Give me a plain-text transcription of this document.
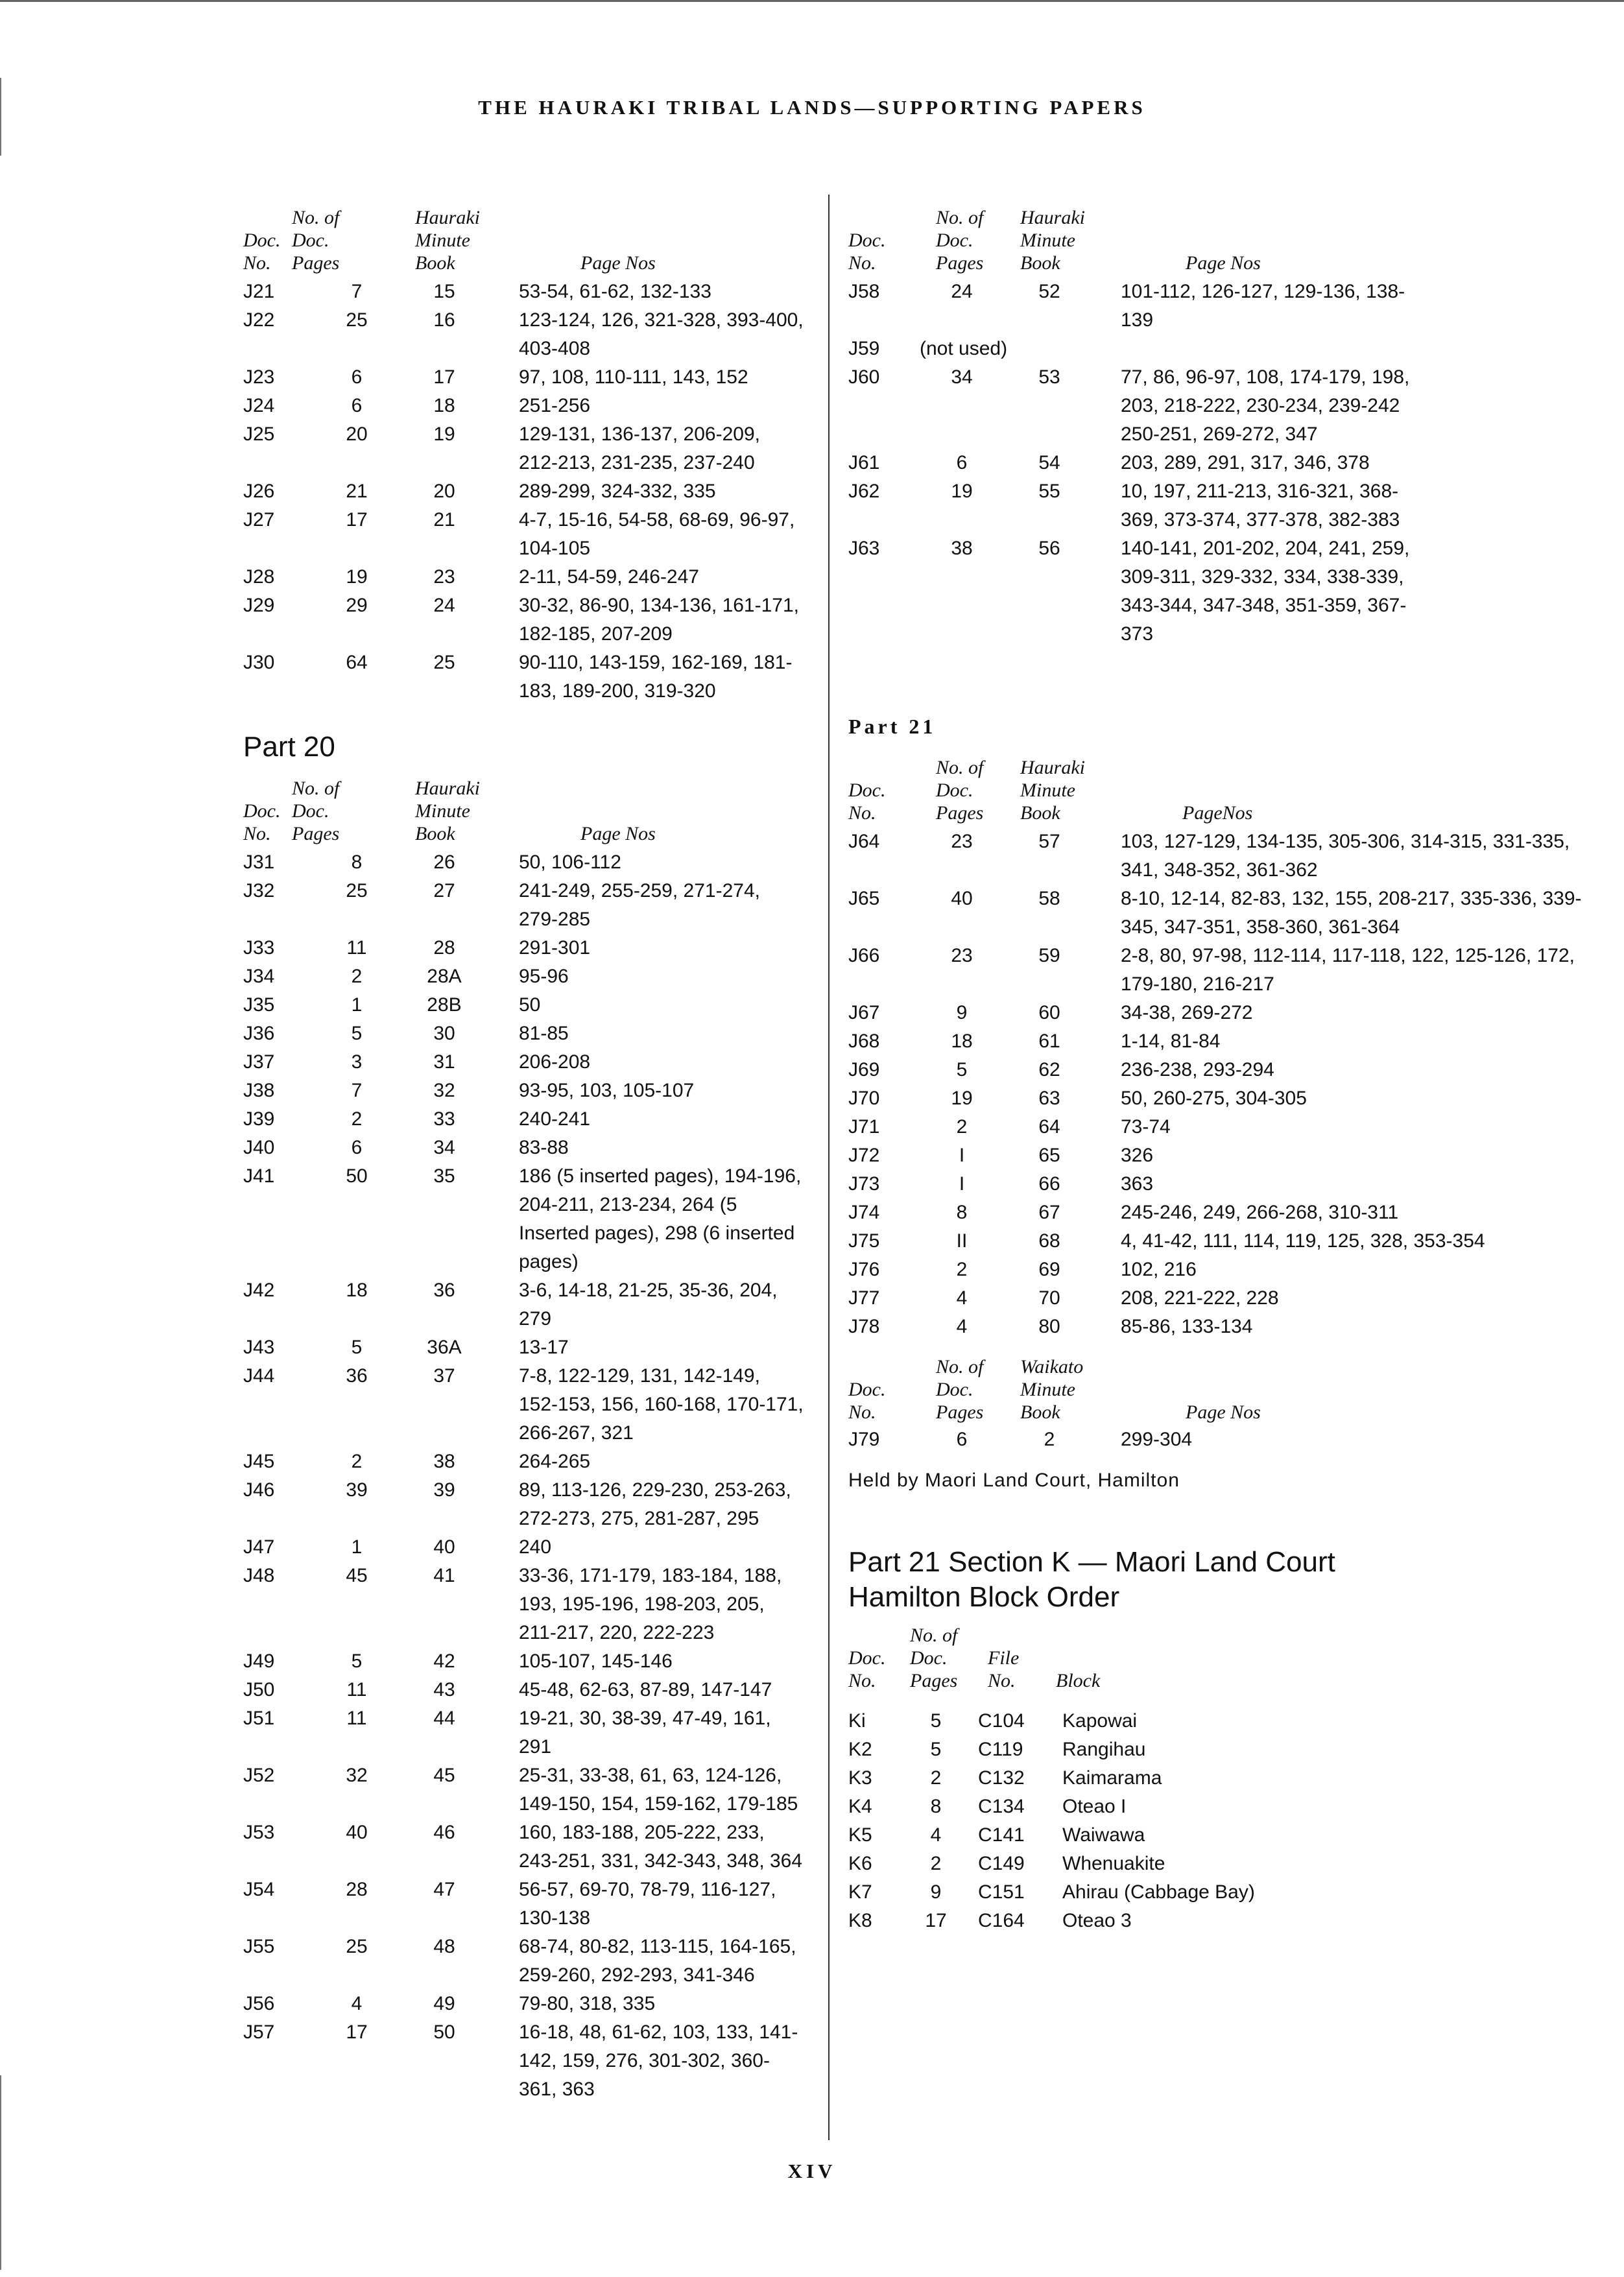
THE HAURAKI TRIBAL LANDS—SUPPORTING PAPERS
Doc.
No.
No. of
Doc.
Pages
Hauraki
Minute
Book	Page Nos
J21	7	15	53-54, 61-62, 132-133
J22	25	16	123-124, 126, 321-328, 393-400, 403-408
J23	6	17	97, 108, 110-111, 143, 152
J24	6	18	251-256
J25	20	19	129-131, 136-137, 206-209, 212-213, 231-235, 237-240
J26	21	20	289-299, 324-332, 335
J27	17	21	4-7, 15-16, 54-58, 68-69, 96-97, 104-105
J28	19	23	2-11, 54-59, 246-247
J29	29	24	30-32, 86-90, 134-136, 161-171, 182-185, 207-209
J30	64	25	90-110, 143-159, 162-169, 181-183, 189-200, 319-320
Part 20
Doc.
No.
No. of
Doc.
Pages
Hauraki
Minute
Book	Page Nos
J31	8	26	50, 106-112
J32	25	27	241-249, 255-259, 271-274, 279-285
J33	11	28	291-301
J34	2	28A	95-96
J35	1	28B	50
J36	5	30	81-85
J37	3	31	206-208
J38	7	32	93-95, 103, 105-107
J39	2	33	240-241
J40	6	34	83-88
J41	50	35	186 (5 inserted pages), 194-196, 204-211, 213-234, 264 (5 Inserted pages), 298 (6 inserted pages)
J42	18	36	3-6, 14-18, 21-25, 35-36, 204, 279
J43	5	36A	13-17
J44	36	37	7-8, 122-129, 131, 142-149, 152-153, 156, 160-168, 170-171, 266-267, 321
J45	2	38	264-265
J46	39	39	89, 113-126, 229-230, 253-263, 272-273, 275, 281-287, 295
J47	1	40	240
J48	45	41	33-36, 171-179, 183-184, 188, 193, 195-196, 198-203, 205, 211-217, 220, 222-223
J49	5	42	105-107, 145-146
J50	11	43	45-48, 62-63, 87-89, 147-147
J51	11	44	19-21, 30, 38-39, 47-49, 161, 291
J52	32	45	25-31, 33-38, 61, 63, 124-126, 149-150, 154, 159-162, 179-185
J53	40	46	160, 183-188, 205-222, 233, 243-251, 331, 342-343, 348, 364
J54	28	47	56-57, 69-70, 78-79, 116-127, 130-138
J55	25	48	68-74, 80-82, 113-115, 164-165, 259-260, 292-293, 341-346
J56	4	49	79-80, 318, 335
J57	17	50	16-18, 48, 61-62, 103, 133, 141-142, 159, 276, 301-302, 360-361, 363
Doc.
No.
No. of
Doc.
Pages
Hauraki
Minute
Book	Page Nos
J58	24	52	101-112, 126-127, 129-136, 138-139
J59 (not used)
J60	34	53	77, 86, 96-97, 108, 174-179, 198, 203, 218-222, 230-234, 239-242 250-251, 269-272, 347
J61	6	54	203, 289, 291, 317, 346, 378
J62	19	55	10, 197, 211-213, 316-321, 368-369, 373-374, 377-378, 382-383
J63	38	56	140-141, 201-202, 204, 241, 259, 309-311, 329-332, 334, 338-339, 343-344, 347-348, 351-359, 367-373
Part 21
Doc.
No.
No. of
Doc.
Pages
Hauraki
Minute
Book	PageNos
J64	23	57	103, 127-129, 134-135, 305-306, 314-315, 331-335, 341, 348-352, 361-362
J65	40	58	8-10, 12-14, 82-83, 132, 155, 208-217, 335-336, 339-345, 347-351, 358-360, 361-364
J66	23	59	2-8, 80, 97-98, 112-114, 117-118, 122, 125-126, 172, 179-180, 216-217
J67	9	60	34-38, 269-272
J68	18	61	1-14, 81-84
J69	5	62	236-238, 293-294
J70	19	63	50, 260-275, 304-305
J71	2	64	73-74
J72	I	65	326
J73	I	66	363
J74	8	67	245-246, 249, 266-268, 310-311
J75	II	68	4, 41-42, 111, 114, 119, 125, 328, 353-354
J76	2	69	102, 216
J77	4	70	208, 221-222, 228
J78	4	80	85-86, 133-134
Doc.
No.
No. of
Doc.
Pages
Waikato
Minute
Book	Page Nos
J79	6	2	299-304
Held by Maori Land Court, Hamilton
Part 21 Section K — Maori Land Court
Hamilton Block Order
Doc.
No.
No. of
Doc.
Pages
File
No. Block
Ki	5	C104 Kapowai
K2	5	C119 Rangihau
K3	2	C132 Kaimarama
K4	8	C134 Oteao I
K5	4	C141 Waiwawa
K6	2	C149 Whenuakite
K7	9	C151 Ahirau (Cabbage Bay)
K8	17	C164 Oteao 3
XIV
